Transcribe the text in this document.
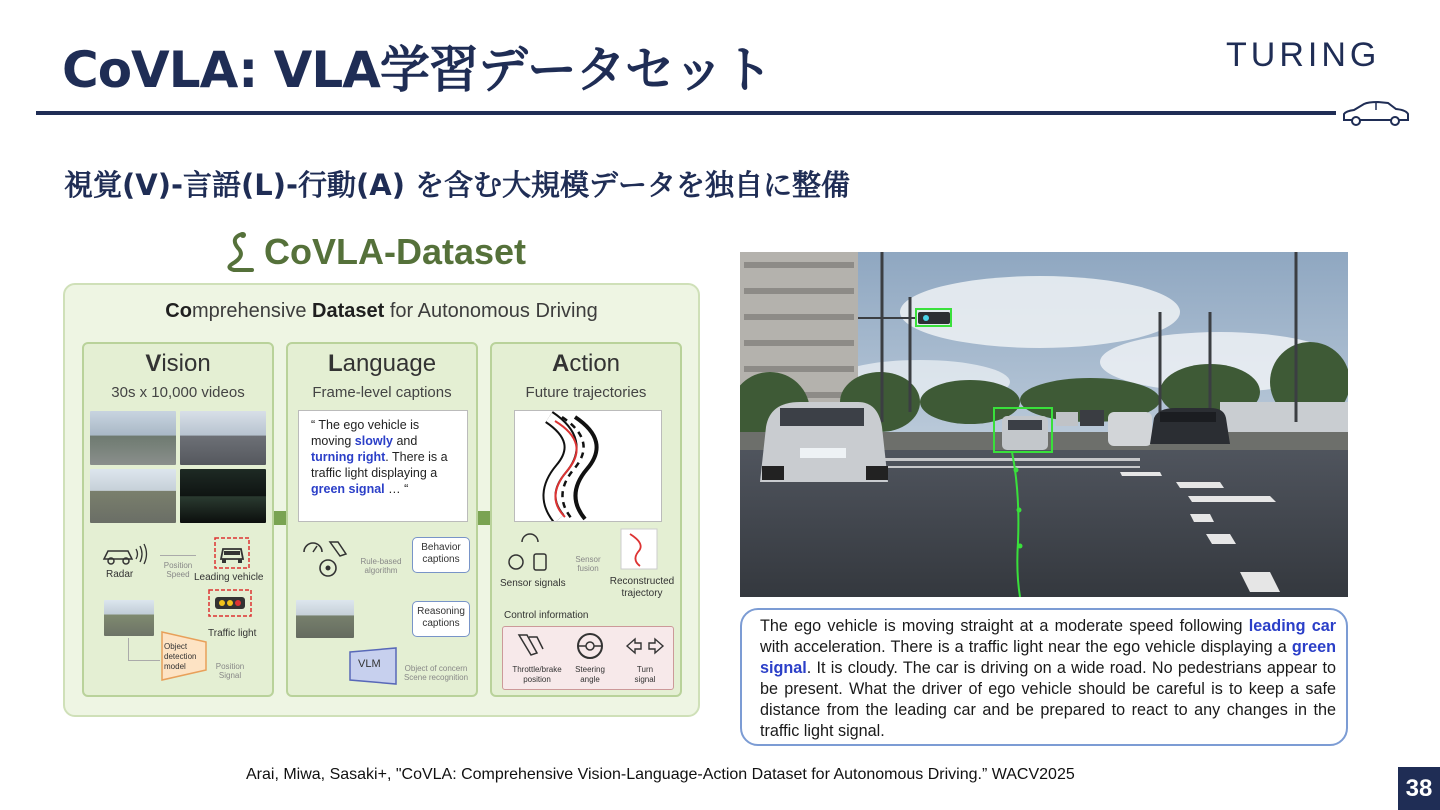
CoVLA: VLA学習データセット	TURING
視覚(V)-言語(L)-行動(A) を含む大規模データを独自に整備
CoVLA-Dataset
Comprehensive Dataset for Autonomous Driving
Vision
30s x 10,000 videos
Radar
Position
Speed Leading vehicle
Traffic light
Object
detection
model	Position
Signal
Language
Frame-level captions
“ The ego vehicle is moving slowly and turning right. There is a traffic light displaying a green signal … “
Rule-based
algorithm
Behavior
captions
Reasoning
captions
VLM	Object of concern
Scene recognition
Action
Future trajectories
Sensor signals
Sensor
fusion
Reconstructed
trajectory
Control information
Throttle/brake
position
Steering
angle
Turn
signal
The ego vehicle is moving straight at a moderate speed following leading car with acceleration. There is a traffic light near the ego vehicle displaying a green signal. It is cloudy. The car is driving on a wide road. No pedestrians appear to be present. What the driver of ego vehicle should be careful is to keep a safe distance from the leading car and be prepared to react to any changes in the traffic light signal.
Arai, Miwa, Sasaki+, "CoVLA: Comprehensive Vision-Language-Action Dataset for Autonomous Driving.” WACV2025
38
